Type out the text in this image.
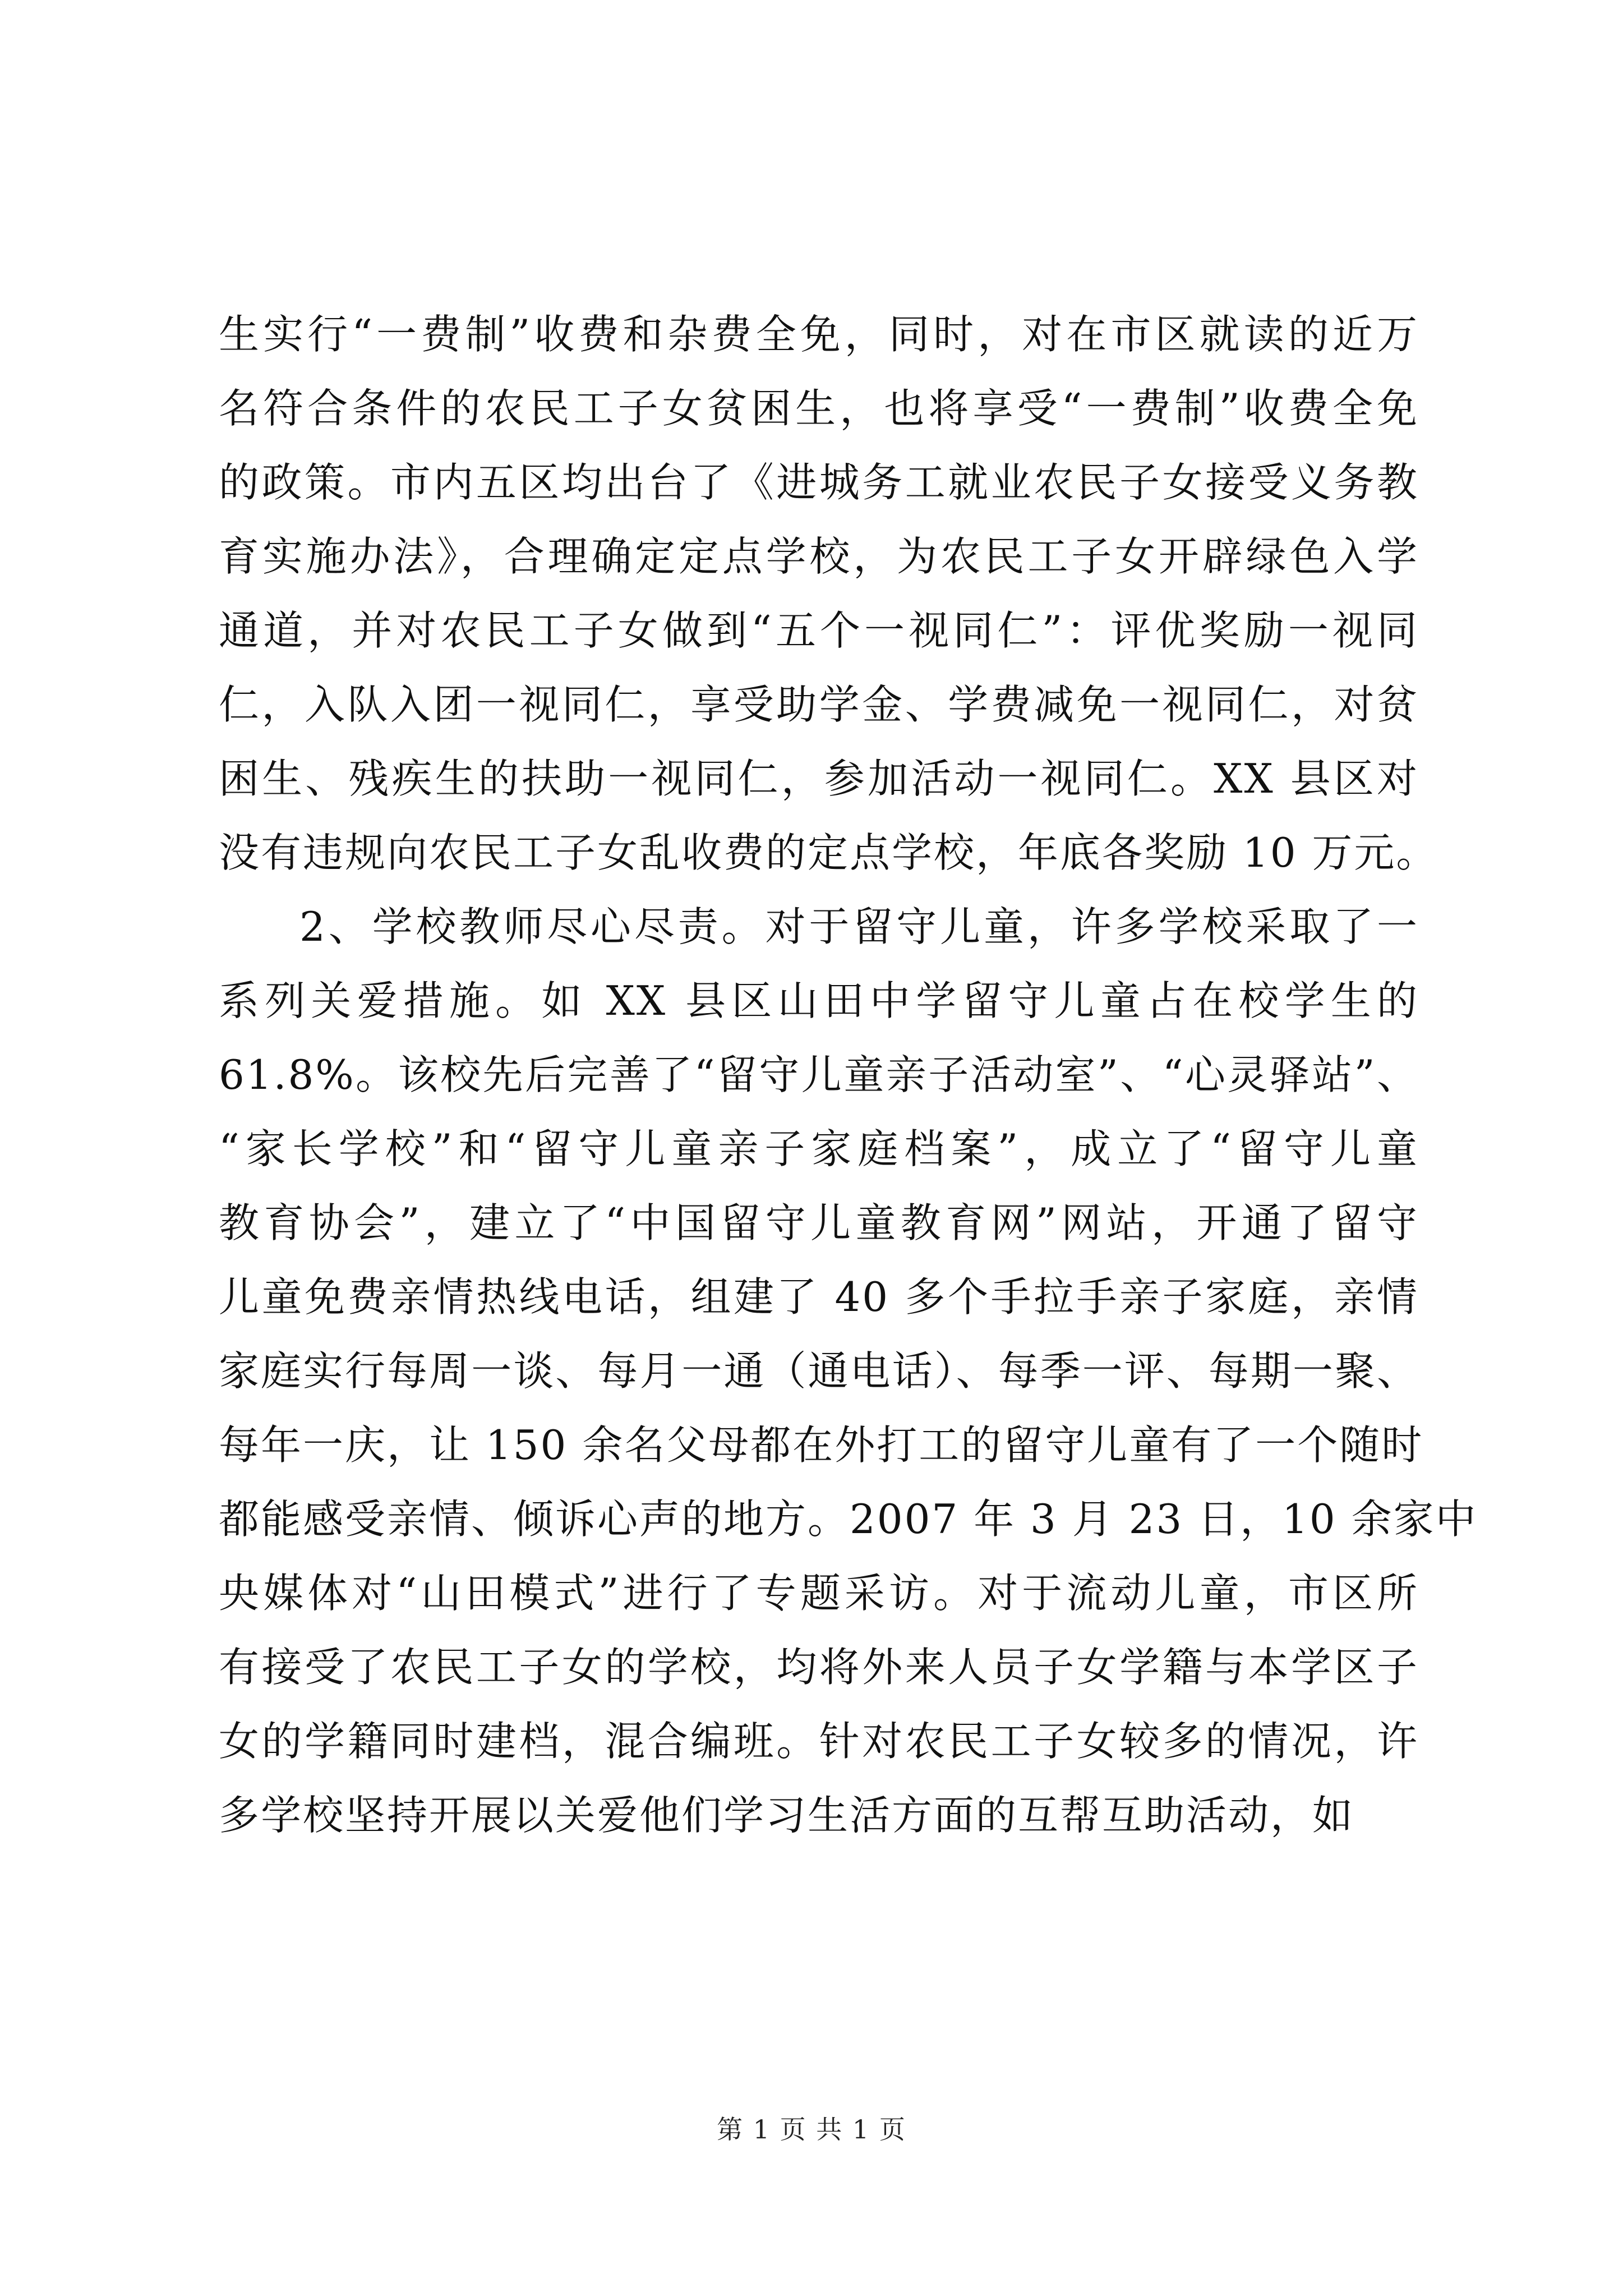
生实行“一费制”收费和杂费全免，同时，对在市区就读的近万
名符合条件的农民工子女贫困生，也将享受“一费制”收费全免
的政策。市内五区均出台了《进城务工就业农民子女接受义务教
育实施办法》，合理确定定点学校，为农民工子女开辟绿色入学
通道，并对农民工子女做到“五个一视同仁”：评优奖励一视同
仁，入队入团一视同仁，享受助学金、学费减免一视同仁，对贫
困生、残疾生的扶助一视同仁，参加活动一视同仁。XX 县区对
没有违规向农民工子女乱收费的定点学校，年底各奖励 10 万元。
2、学校教师尽心尽责。对于留守儿童，许多学校采取了一
系列关爱措施。如 XX 县区山田中学留守儿童占在校学生的
61.8%。该校先后完善了“留守儿童亲子活动室”、“心灵驿站”、
“家长学校”和“留守儿童亲子家庭档案”，成立了“留守儿童
教育协会”，建立了“中国留守儿童教育网”网站，开通了留守
儿童免费亲情热线电话，组建了 40 多个手拉手亲子家庭，亲情
家庭实行每周一谈、每月一通（通电话）、每季一评、每期一聚、
每年一庆，让 150 余名父母都在外打工的留守儿童有了一个随时
都能感受亲情、倾诉心声的地方。2007 年 3 月 23 日，10 余家中
央媒体对“山田模式”进行了专题采访。对于流动儿童，市区所
有接受了农民工子女的学校，均将外来人员子女学籍与本学区子
女的学籍同时建档，混合编班。针对农民工子女较多的情况，许
多学校坚持开展以关爱他们学习生活方面的互帮互助活动，如
第 1 页 共 1 页
